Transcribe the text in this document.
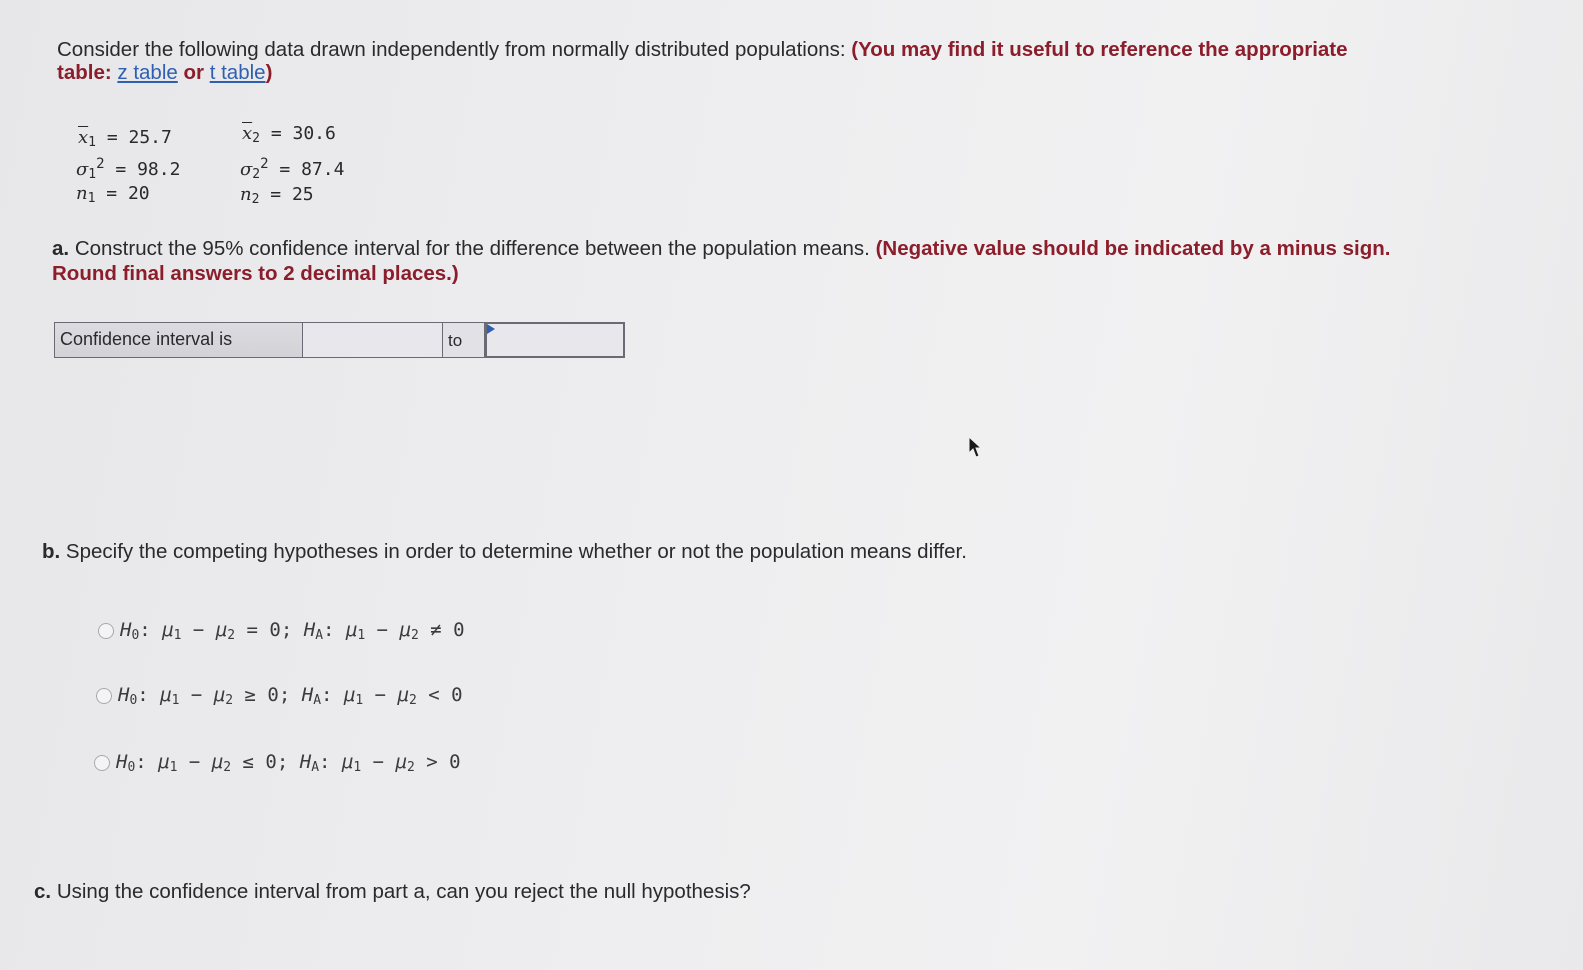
Consider the following data drawn independently from normally distributed populations: (You may find it useful to reference the appropriate table: z table or t table)
$\overline{x}_1 = 25.7$
$\sigma_1^2 = 98.2$
$n_1 = 20$
$\overline{x}_2 = 30.6$
$\sigma_2^2 = 87.4$
$n_2 = 25$
a. Construct the 95% confidence interval for the difference between the population means. (Negative value should be indicated by a minus sign. Round final answers to 2 decimal places.)
Confidence interval is	to
b. Specify the competing hypotheses in order to determine whether or not the population means differ.
$H_0$: $\mu_1 - \mu_2 = 0$; $H_A$: $\mu_1 - \mu_2 \ne 0$
$H_0$: $\mu_1 - \mu_2 \ge 0$; $H_A$: $\mu_1 - \mu_2 < 0$
$H_0$: $\mu_1 - \mu_2 \le 0$; $H_A$: $\mu_1 - \mu_2 > 0$
c. Using the confidence interval from part a, can you reject the null hypothesis?
